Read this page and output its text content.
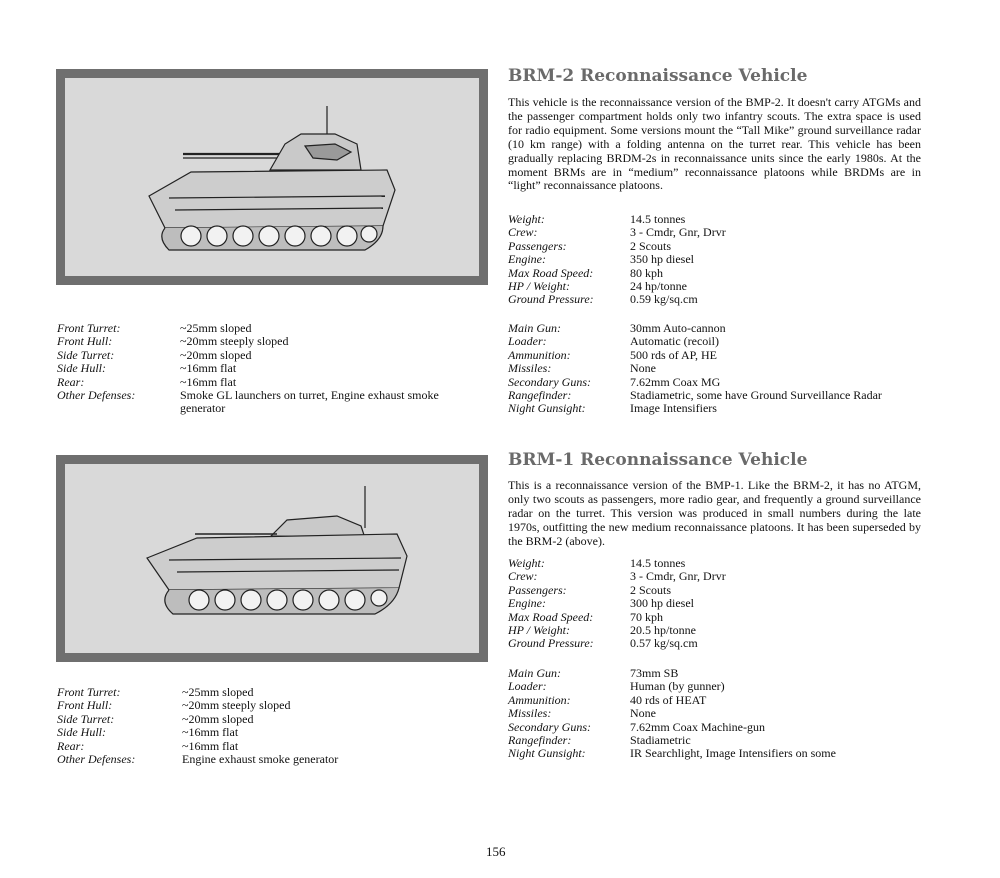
BRM-2 Reconnaissance Vehicle

This vehicle is the reconnaissance version of the BMP-2. It doesn't carry ATGMs and the passenger compartment holds only two infantry scouts. The extra space is used for radio equipment. Some versions mount the “Tall Mike” ground surveillance radar (10 km range) with a folding antenna on the turret rear. This vehicle has been gradually replacing BRDM-2s in reconnaissance units since the early 1980s. At the moment BRMs are in “medium” reconnaissance platoons while BRDMs are in “light” reconnaissance platoons.

Weight:	14.5 tonnes
Crew:	3 - Cmdr, Gnr, Drvr
Passengers:	2 Scouts
Engine:	350 hp diesel
Max Road Speed:	80 kph
HP / Weight:	24 hp/tonne
Ground Pressure:	0.59 kg/sq.cm
Main Gun:	30mm Auto-cannon
Loader:	Automatic (recoil)
Ammunition:	500 rds of AP, HE
Missiles:	None
Secondary Guns:	7.62mm Coax MG
Rangefinder:	Stadiametric, some have Ground Surveillance Radar
Night Gunsight:	Image Intensifiers
Front Turret:	~25mm sloped
Front Hull:	~20mm steeply sloped
Side Turret:	~20mm sloped
Side Hull:	~16mm flat
Rear:	~16mm flat
Other Defenses:	Smoke GL launchers on turret, Engine exhaust smoke generator
BRM-1 Reconnaissance Vehicle

This is a reconnaissance version of the BMP-1. Like the BRM-2, it has no ATGM, only two scouts as passengers, more radio gear, and frequently a ground surveillance radar on the turret. This version was produced in small numbers during the late 1970s, outfitting the new medium reconnaissance platoons. It has been superseded by the BRM-2 (above).

Weight:	14.5 tonnes
Crew:	3 - Cmdr, Gnr, Drvr
Passengers:	2 Scouts
Engine:	300 hp diesel
Max Road Speed:	70 kph
HP / Weight:	20.5 hp/tonne
Ground Pressure:	0.57 kg/sq.cm
Main Gun:	73mm SB
Loader:	Human (by gunner)
Ammunition:	40 rds of HEAT
Missiles:	None
Secondary Guns:	7.62mm Coax Machine-gun
Rangefinder:	Stadiametric
Night Gunsight:	IR Searchlight, Image Intensifiers on some
Front Turret:	~25mm sloped
Front Hull:	~20mm steeply sloped
Side Turret:	~20mm sloped
Side Hull:	~16mm flat
Rear:	~16mm flat
Other Defenses:	Engine exhaust smoke generator
156
